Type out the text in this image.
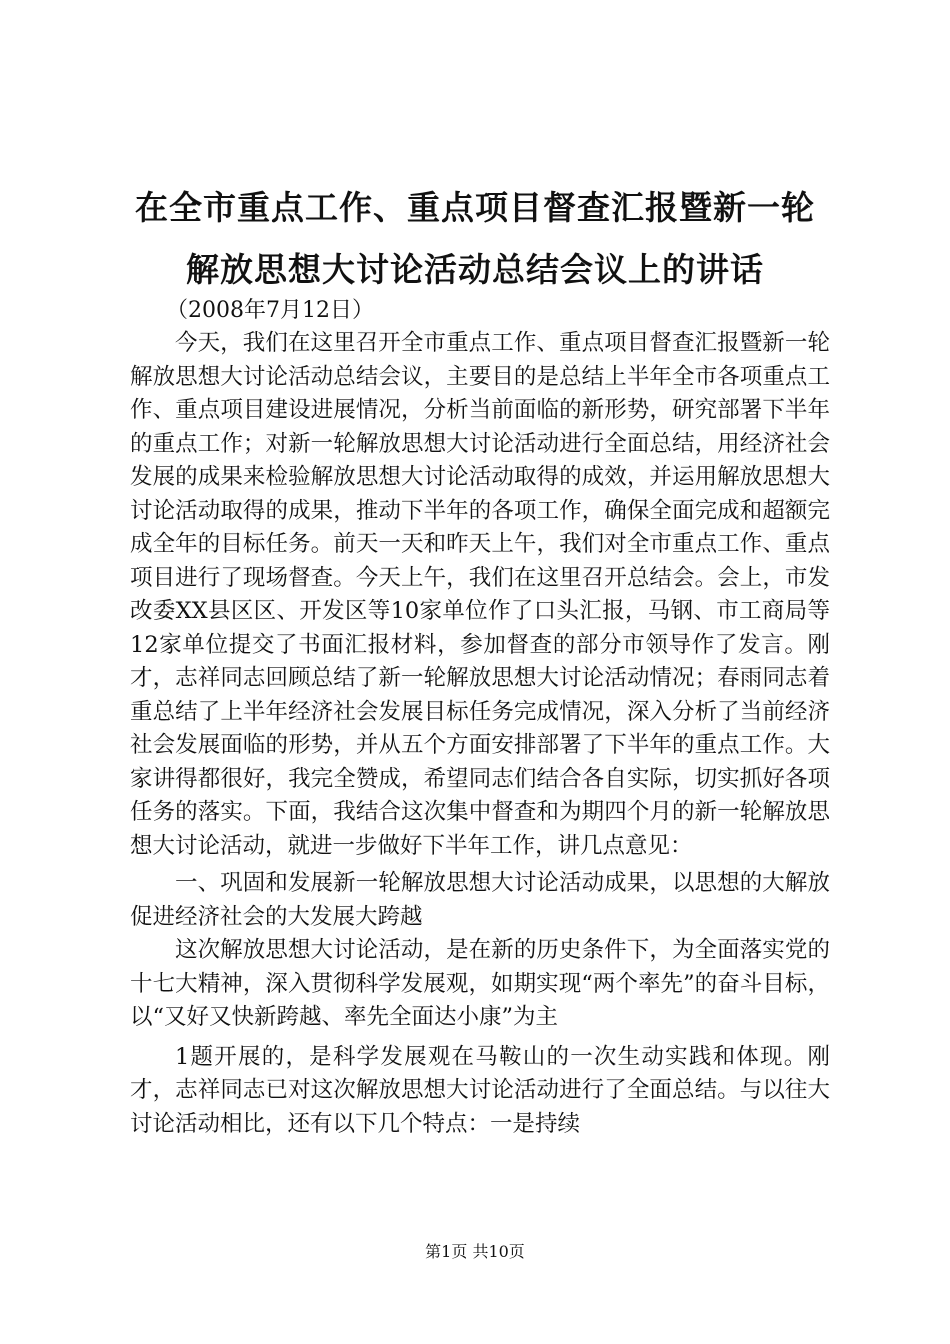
在全市重点工作、重点项目督查汇报暨新一轮
解放思想大讨论活动总结会议上的讲话
（2008年7月12日）

今天，我们在这里召开全市重点工作、重点项目督查汇报暨新一轮解放思想大讨论活动总结会议，主要目的是总结上半年全市各项重点工作、重点项目建设进展情况，分析当前面临的新形势，研究部署下半年的重点工作；对新一轮解放思想大讨论活动进行全面总结，用经济社会发展的成果来检验解放思想大讨论活动取得的成效，并运用解放思想大讨论活动取得的成果，推动下半年的各项工作，确保全面完成和超额完成全年的目标任务。前天一天和昨天上午，我们对全市重点工作、重点项目进行了现场督查。今天上午，我们在这里召开总结会。会上，市发改委XX县区区、开发区等10家单位作了口头汇报，马钢、市工商局等12家单位提交了书面汇报材料，参加督查的部分市领导作了发言。刚才，志祥同志回顾总结了新一轮解放思想大讨论活动情况；春雨同志着重总结了上半年经济社会发展目标任务完成情况，深入分析了当前经济社会发展面临的形势，并从五个方面安排部署了下半年的重点工作。大家讲得都很好，我完全赞成，希望同志们结合各自实际，切实抓好各项任务的落实。下面，我结合这次集中督查和为期四个月的新一轮解放思想大讨论活动，就进一步做好下半年工作，讲几点意见：

一、巩固和发展新一轮解放思想大讨论活动成果，以思想的大解放促进经济社会的大发展大跨越

这次解放思想大讨论活动，是在新的历史条件下，为全面落实党的十七大精神，深入贯彻科学发展观，如期实现“两个率先”的奋斗目标，以“又好又快新跨越、率先全面达小康”为主

1题开展的，是科学发展观在马鞍山的一次生动实践和体现。刚才，志祥同志已对这次解放思想大讨论活动进行了全面总结。与以往大讨论活动相比，还有以下几个特点：一是持续

第1页 共10页
